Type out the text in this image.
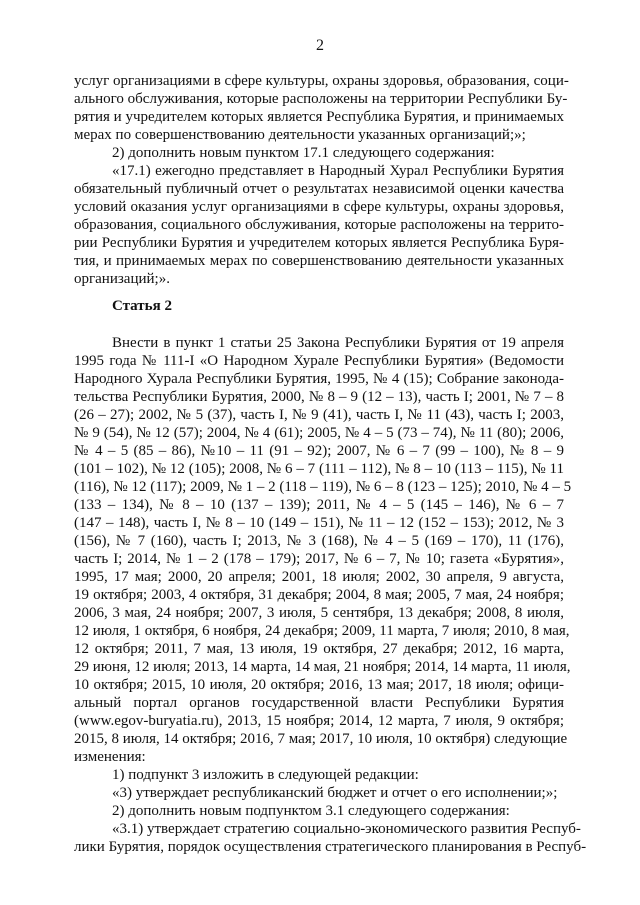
2
услуг организациями в сфере культуры, охраны здоровья, образования, соци-
ального обслуживания, которые расположены на территории Республики Бу-
рятия и учредителем которых является Республика Бурятия, и принимаемых
мерах по совершенствованию деятельности указанных организаций;»;
2) дополнить новым пунктом 17.1 следующего содержания:
«17.1) ежегодно представляет в Народный Хурал Республики Бурятия
обязательный публичный отчет о результатах независимой оценки качества
условий оказания услуг организациями в сфере культуры, охраны здоровья,
образования, социального обслуживания, которые расположены на террито-
рии Республики Бурятия и учредителем которых является Республика Буря-
тия, и принимаемых мерах по совершенствованию деятельности указанных
организаций;».
Статья 2
Внести в пункт 1 статьи 25 Закона Республики Бурятия от 19 апреля
1995 года № 111-I «О Народном Хурале Республики Бурятия» (Ведомости
Народного Хурала Республики Бурятия, 1995, № 4 (15); Собрание законода-
тельства Республики Бурятия, 2000, № 8 – 9 (12 – 13), часть I; 2001, № 7 – 8
(26 – 27); 2002, № 5 (37), часть I, № 9 (41), часть I, № 11 (43), часть I; 2003,
№ 9 (54), № 12 (57); 2004, № 4 (61); 2005, № 4 – 5 (73 – 74), № 11 (80); 2006,
№ 4 – 5 (85 – 86), №10 – 11 (91 – 92); 2007, № 6 – 7 (99 – 100), № 8 – 9
(101 – 102), № 12 (105); 2008, № 6 – 7 (111 – 112), № 8 – 10 (113 – 115), № 11
(116), № 12 (117); 2009, № 1 – 2 (118 – 119), № 6 – 8 (123 – 125); 2010, № 4 – 5
(133 – 134), № 8 – 10 (137 – 139); 2011, № 4 – 5 (145 – 146), № 6 – 7
(147 – 148), часть I, № 8 – 10 (149 – 151), № 11 – 12 (152 – 153); 2012, № 3
(156), № 7 (160), часть I; 2013, № 3 (168), № 4 – 5 (169 – 170), 11 (176),
часть I; 2014, № 1 – 2 (178 – 179); 2017, № 6 – 7, № 10; газета «Бурятия»,
1995, 17 мая; 2000, 20 апреля; 2001, 18 июля; 2002, 30 апреля, 9 августа,
19 октября; 2003, 4 октября, 31 декабря; 2004, 8 мая; 2005, 7 мая, 24 ноября;
2006, 3 мая, 24 ноября; 2007, 3 июля, 5 сентября, 13 декабря; 2008, 8 июля,
12 июля, 1 октября, 6 ноября, 24 декабря; 2009, 11 марта, 7 июля; 2010, 8 мая,
12 октября; 2011, 7 мая, 13 июля, 19 октября, 27 декабря; 2012, 16 марта,
29 июня, 12 июля; 2013, 14 марта, 14 мая, 21 ноября; 2014, 14 марта, 11 июля,
10 октября; 2015, 10 июля, 20 октября; 2016, 13 мая; 2017, 18 июля; офици-
альный портал органов государственной власти Республики Бурятия
(www.egov-buryatia.ru), 2013, 15 ноября; 2014, 12 марта, 7 июля, 9 октября;
2015, 8 июля, 14 октября; 2016, 7 мая; 2017, 10 июля, 10 октября) следующие
изменения:
1) подпункт 3 изложить в следующей редакции:
«3) утверждает республиканский бюджет и отчет о его исполнении;»;
2) дополнить новым подпунктом 3.1 следующего содержания:
«3.1) утверждает стратегию социально-экономического развития Респуб-
лики Бурятия, порядок осуществления стратегического планирования в Респуб-
